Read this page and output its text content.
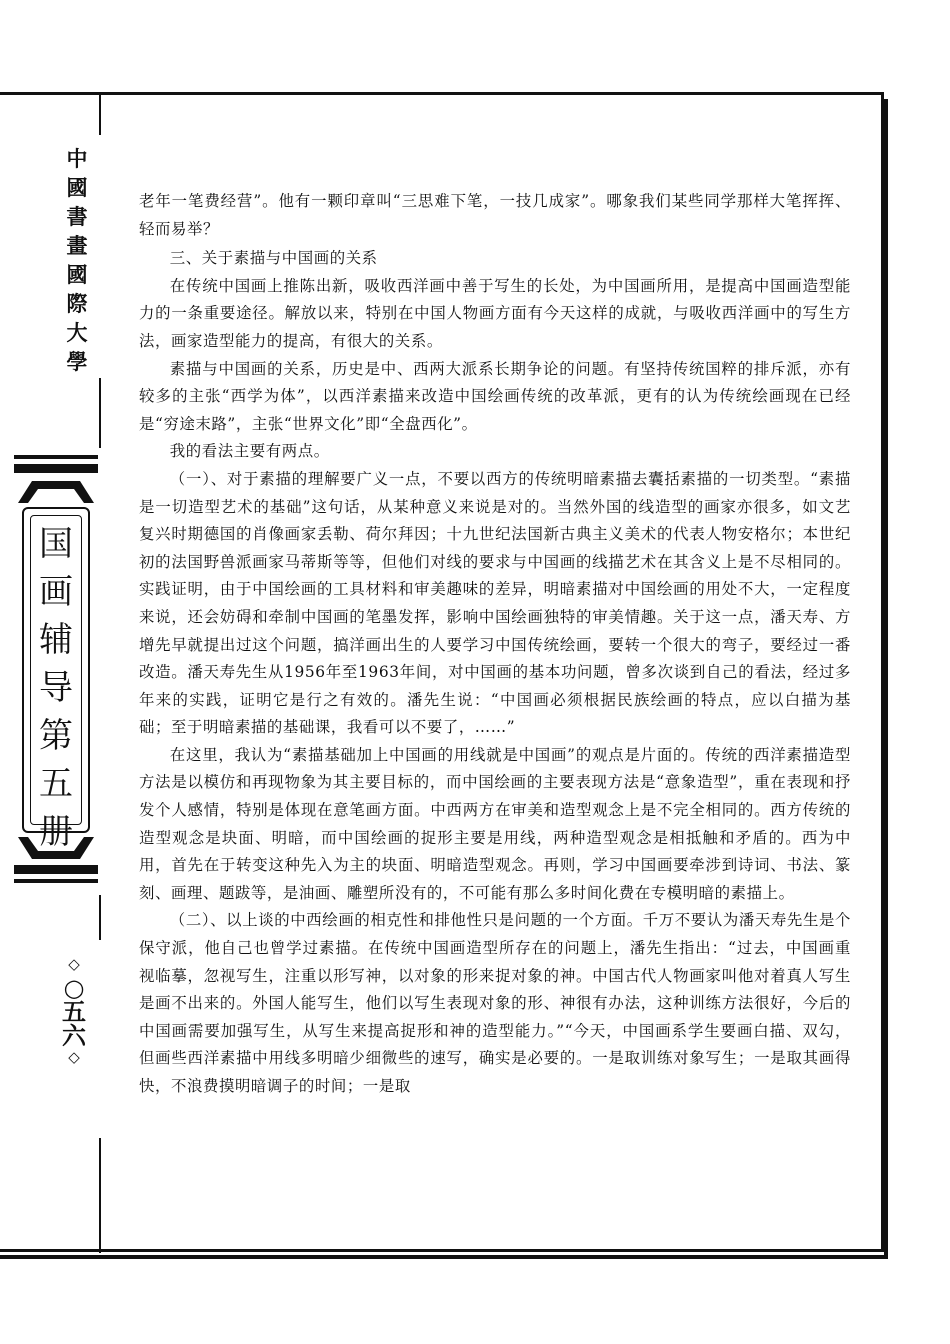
中
國
書
畫
國
際
大
學
国
画
辅
导
第
五
册
◇
○
五
六
◇

老年一笔费经营”。他有一颗印章叫“三思难下笔，一技几成家”。哪象我们某些同学那样大笔挥挥、轻而易举？

三、关于素描与中国画的关系

在传统中国画上推陈出新，吸收西洋画中善于写生的长处，为中国画所用，是提高中国画造型能力的一条重要途径。解放以来，特别在中国人物画方面有今天这样的成就，与吸收西洋画中的写生方法，画家造型能力的提高，有很大的关系。

素描与中国画的关系，历史是中、西两大派系长期争论的问题。有坚持传统国粹的排斥派，亦有较多的主张“西学为体”，以西洋素描来改造中国绘画传统的改革派，更有的认为传统绘画现在已经是“穷途末路”，主张“世界文化”即“全盘西化”。

我的看法主要有两点。

（一）、对于素描的理解要广义一点，不要以西方的传统明暗素描去囊括素描的一切类型。“素描是一切造型艺术的基础”这句话，从某种意义来说是对的。当然外国的线造型的画家亦很多，如文艺复兴时期德国的肖像画家丢勒、荷尔拜因；十九世纪法国新古典主义美术的代表人物安格尔；本世纪初的法国野兽派画家马蒂斯等等，但他们对线的要求与中国画的线描艺术在其含义上是不尽相同的。实践证明，由于中国绘画的工具材料和审美趣味的差异，明暗素描对中国绘画的用处不大，一定程度来说，还会妨碍和牵制中国画的笔墨发挥，影响中国绘画独特的审美情趣。关于这一点，潘天寿、方增先早就提出过这个问题，搞洋画出生的人要学习中国传统绘画，要转一个很大的弯子，要经过一番改造。潘天寿先生从1956年至1963年间，对中国画的基本功问题，曾多次谈到自己的看法，经过多年来的实践，证明它是行之有效的。潘先生说：“中国画必须根据民族绘画的特点，应以白描为基础；至于明暗素描的基础课，我看可以不要了，……”

在这里，我认为“素描基础加上中国画的用线就是中国画”的观点是片面的。传统的西洋素描造型方法是以模仿和再现物象为其主要目标的，而中国绘画的主要表现方法是“意象造型”，重在表现和抒发个人感情，特别是体现在意笔画方面。中西两方在审美和造型观念上是不完全相同的。西方传统的造型观念是块面、明暗，而中国绘画的捉形主要是用线，两种造型观念是相抵触和矛盾的。西为中用，首先在于转变这种先入为主的块面、明暗造型观念。再则，学习中国画要牵涉到诗词、书法、篆刻、画理、题跋等，是油画、雕塑所没有的，不可能有那么多时间化费在专模明暗的素描上。

（二）、以上谈的中西绘画的相克性和排他性只是问题的一个方面。千万不要认为潘天寿先生是个保守派，他自己也曾学过素描。在传统中国画造型所存在的问题上，潘先生指出：“过去，中国画重视临摹，忽视写生，注重以形写神，以对象的形来捉对象的神。中国古代人物画家叫他对着真人写生是画不出来的。外国人能写生，他们以写生表现对象的形、神很有办法，这种训练方法很好，今后的中国画需要加强写生，从写生来提高捉形和神的造型能力。”“今天，中国画系学生要画白描、双勾，但画些西洋素描中用线多明暗少细微些的速写，确实是必要的。一是取训练对象写生；一是取其画得快，不浪费摸明暗调子的时间；一是取
